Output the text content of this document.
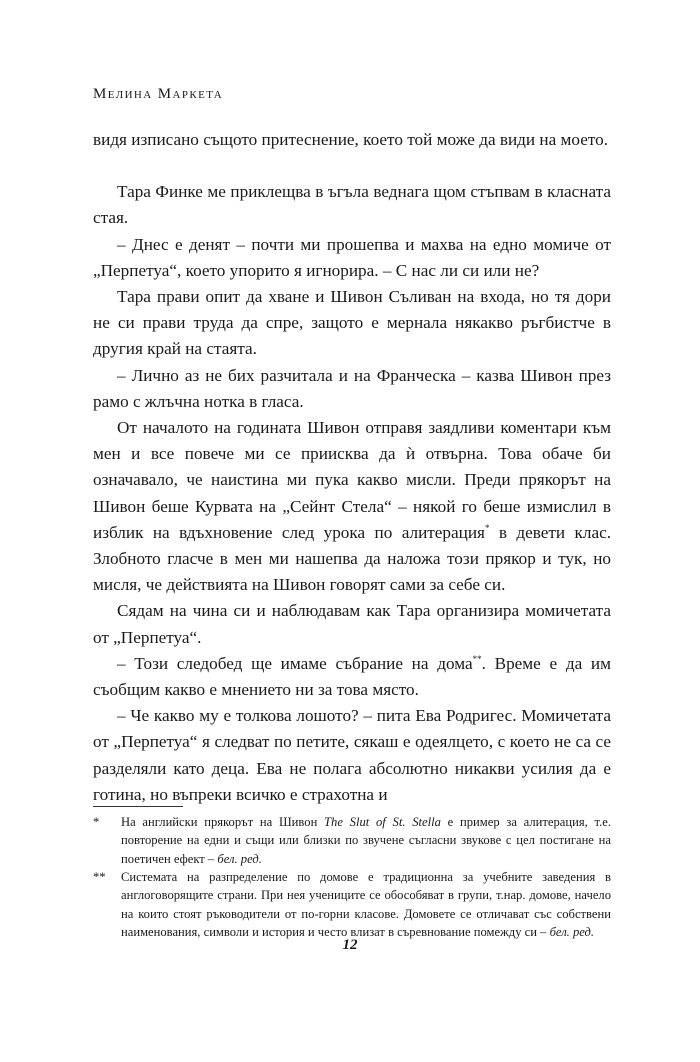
Мелина Маркета

видя изписано същото притеснение, което той може да види на моето.

Тара Финке ме приклещва в ъгъла веднага щом стъпвам в класната стая.

– Днес е денят – почти ми прошепва и махва на едно момиче от „Перпетуа“, което упорито я игнорира. – С нас ли си или не?

Тара прави опит да хване и Шивон Съливан на входа, но тя дори не си прави труда да спре, защото е мернала някакво ръгбистче в другия край на стаята.

– Лично аз не бих разчитала и на Франческа – казва Шивон през рамо с жлъчна нотка в гласа.

От началото на годината Шивон отправя заядливи коментари към мен и все повече ми се приисква да ѝ отвърна. Това обаче би означавало, че наистина ми пука какво мисли. Преди прякорът на Шивон беше Курвата на „Сейнт Стела“ – някой го беше измислил в изблик на вдъхновение след урока по алитерация* в девети клас. Злобното гласче в мен ми нашепва да наложа този прякор и тук, но мисля, че действията на Шивон говорят сами за себе си.

Сядам на чина си и наблюдавам как Тара организира момичетата от „Перпетуа“.

– Този следобед ще имаме събрание на дома**. Време е да им съобщим какво е мнението ни за това място.

– Че какво му е толкова лошото? – пита Ева Родригес. Момичетата от „Перпетуа“ я следват по петите, сякаш е одеялцето, с което не са се разделяли като деца. Ева не полага абсолютно никакви усилия да е готина, но въпреки всичко е страхотна и

* На английски прякорът на Шивон The Slut of St. Stella е пример за алитерация, т.е. повторение на едни и същи или близки по звучене съгласни звукове с цел постигане на поетичен ефект – бел. ред.
** Системата на разпределение по домове е традиционна за учебните заведения в англоговорящите страни. При нея учениците се обособяват в групи, т.нар. домове, начело на които стоят ръководители от по-горни класове. Домовете се отличават със собствени наименования, символи и история и често влизат в съревнование помежду си – бел. ред.
12
